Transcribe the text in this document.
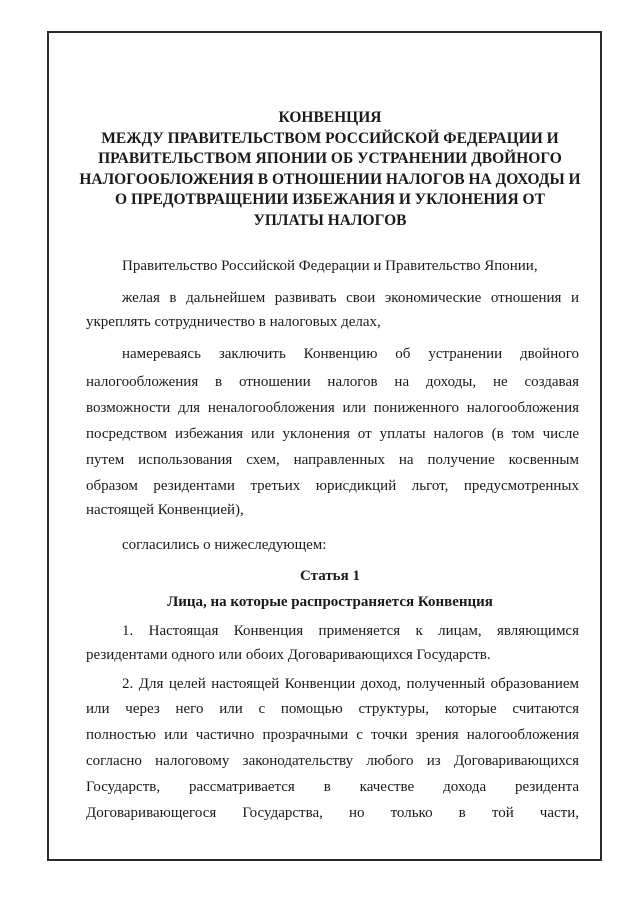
КОНВЕНЦИЯ
МЕЖДУ ПРАВИТЕЛЬСТВОМ РОССИЙСКОЙ ФЕДЕРАЦИИ И
ПРАВИТЕЛЬСТВОМ ЯПОНИИ ОБ УСТРАНЕНИИ ДВОЙНОГО
НАЛОГООБЛОЖЕНИЯ В ОТНОШЕНИИ НАЛОГОВ НА ДОХОДЫ И
О ПРЕДОТВРАЩЕНИИ ИЗБЕЖАНИЯ И УКЛОНЕНИЯ ОТ
УПЛАТЫ НАЛОГОВ
Правительство Российской Федерации и Правительство Японии,
желая в дальнейшем развивать свои экономические отношения и
укреплять сотрудничество в налоговых делах,
намереваясь заключить Конвенцию об устранении двойного
налогообложения в отношении налогов на доходы, не создавая
возможности для неналогообложения или пониженного налогообложения
посредством избежания или уклонения от уплаты налогов (в том числе
путем использования схем, направленных на получение косвенным
образом резидентами третьих юрисдикций льгот, предусмотренных
настоящей Конвенцией),
согласились о нижеследующем:
Статья 1
Лица, на которые распространяется Конвенция
1. Настоящая Конвенция применяется к лицам, являющимся
резидентами одного или обоих Договаривающихся Государств.
2. Для целей настоящей Конвенции доход, полученный образованием
или через него или с помощью структуры, которые считаются
полностью или частично прозрачными с точки зрения налогообложения
согласно налоговому законодательству любого из Договаривающихся
Государств, рассматривается в качестве дохода резидента
Договаривающегося Государства, но только в той части,
